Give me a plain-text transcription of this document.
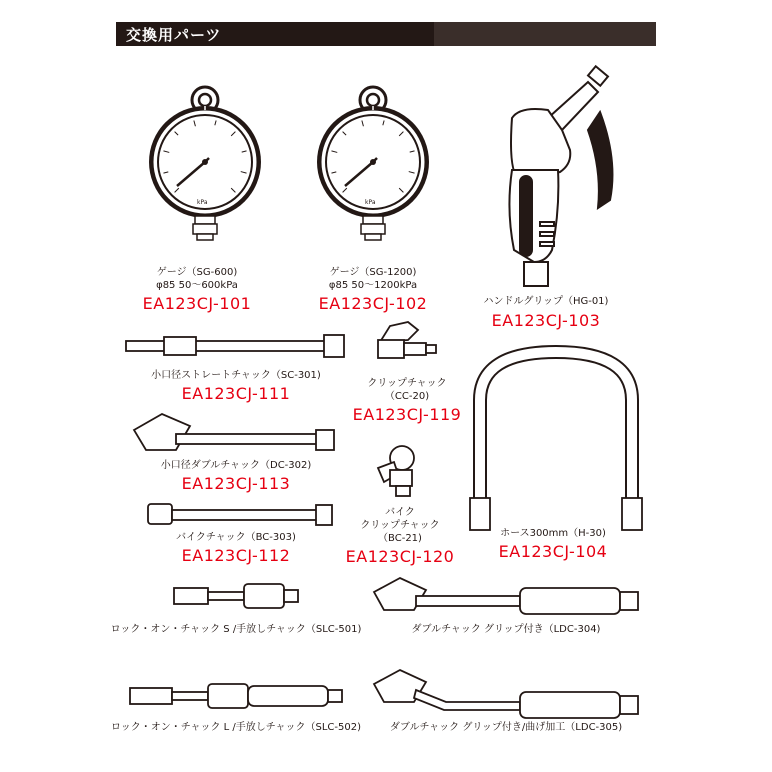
交換用パーツ
kPa	kPa
ゲージ（SG-600)
φ85 50〜600kPa
EA123CJ-101
ゲージ（SG-1200)
φ85 50〜1200kPa
EA123CJ-102	ハンドルグリップ（HG-01)
EA123CJ-103
小口径ストレートチャック（SC-301)
EA123CJ-111
クリップチャック
（CC-20)
EA123CJ-119
ホース300mm（H-30)
EA123CJ-104
小口径ダブルチャック（DC-302)
EA123CJ-113
バイク
クリップチャック
（BC-21)
EA123CJ-120
バイクチャック（BC-303)
EA123CJ-112
ロック・オン・チャック S /手放しチャック（SLC-501)	ダブルチャック グリップ付き（LDC-304)
ロック・オン・チャック L /手放しチャック（SLC-502)	ダブルチャック グリップ付き/曲げ加工（LDC-305)
